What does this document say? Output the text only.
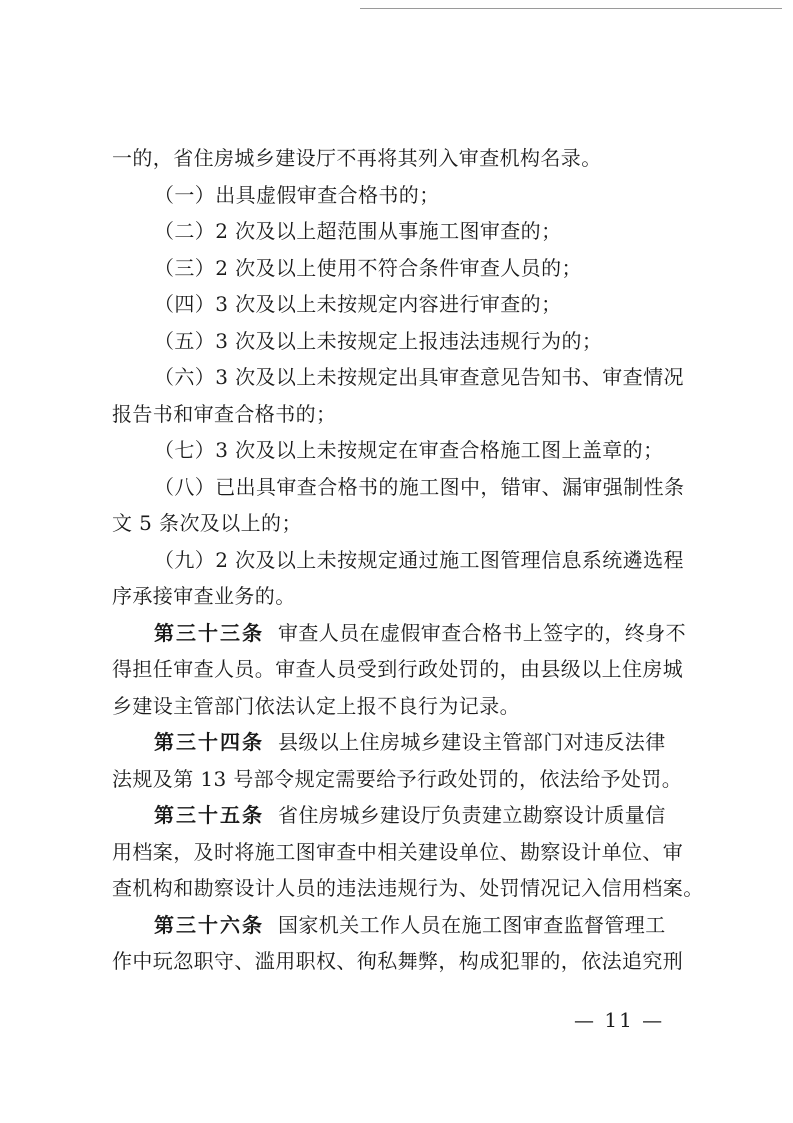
一的，省住房城乡建设厅不再将其列入审查机构名录。
（一）出具虚假审查合格书的；
（二）2 次及以上超范围从事施工图审查的；
（三）2 次及以上使用不符合条件审查人员的；
（四）3 次及以上未按规定内容进行审查的；
（五）3 次及以上未按规定上报违法违规行为的；
（六）3 次及以上未按规定出具审查意见告知书、审查情况
报告书和审查合格书的；
（七）3 次及以上未按规定在审查合格施工图上盖章的；
（八）已出具审查合格书的施工图中，错审、漏审强制性条
文 5 条次及以上的；
（九）2 次及以上未按规定通过施工图管理信息系统遴选程
序承接审查业务的。
第三十三条 审查人员在虚假审查合格书上签字的，终身不
得担任审查人员。审查人员受到行政处罚的，由县级以上住房城
乡建设主管部门依法认定上报不良行为记录。
第三十四条 县级以上住房城乡建设主管部门对违反法律
法规及第 13 号部令规定需要给予行政处罚的，依法给予处罚。
第三十五条 省住房城乡建设厅负责建立勘察设计质量信
用档案，及时将施工图审查中相关建设单位、勘察设计单位、审
查机构和勘察设计人员的违法违规行为、处罚情况记入信用档案。
第三十六条 国家机关工作人员在施工图审查监督管理工
作中玩忽职守、滥用职权、徇私舞弊，构成犯罪的，依法追究刑
— 11 —
